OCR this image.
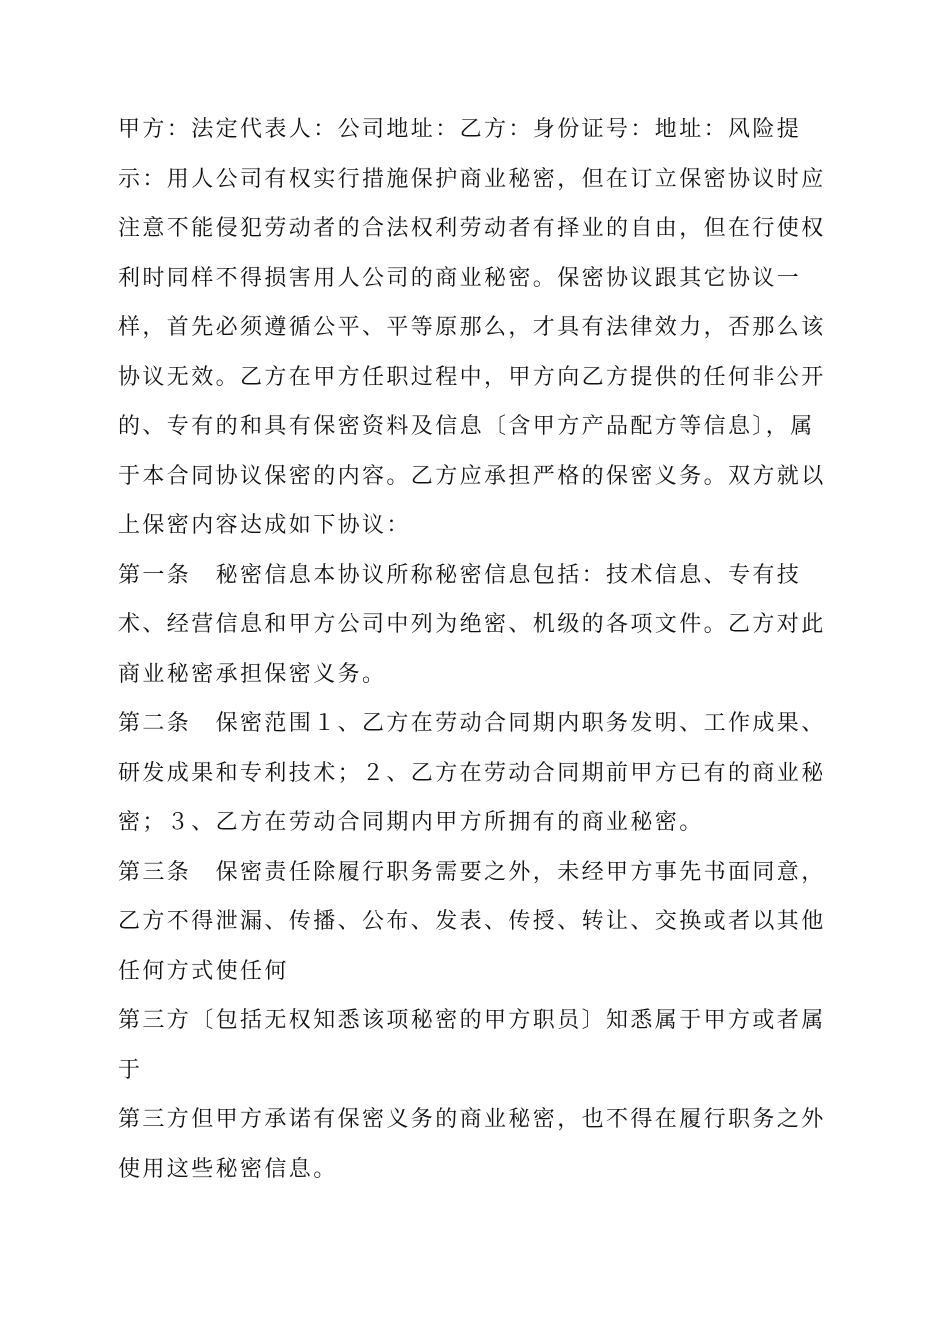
甲方：法定代表人：公司地址：乙方：身份证号：地址：风险提示：用人公司有权实行措施保护商业秘密，但在订立保密协议时应注意不能侵犯劳动者的合法权利劳动者有择业的自由，但在行使权利时同样不得损害用人公司的商业秘密。保密协议跟其它协议一样，首先必须遵循公平、平等原那么，才具有法律效力，否那么该协议无效。乙方在甲方任职过程中，甲方向乙方提供的任何非公开的、专有的和具有保密资料及信息〔含甲方产品配方等信息〕，属于本合同协议保密的内容。乙方应承担严格的保密义务。双方就以上保密内容达成如下协议：

第一条　秘密信息本协议所称秘密信息包括：技术信息、专有技术、经营信息和甲方公司中列为绝密、机级的各项文件。乙方对此商业秘密承担保密义务。

第二条　保密范围１、乙方在劳动合同期内职务发明、工作成果、研发成果和专利技术；２、乙方在劳动合同期前甲方已有的商业秘密；３、乙方在劳动合同期内甲方所拥有的商业秘密。

第三条　保密责任除履行职务需要之外，未经甲方事先书面同意，乙方不得泄漏、传播、公布、发表、传授、转让、交换或者以其他任何方式使任何

第三方〔包括无权知悉该项秘密的甲方职员〕知悉属于甲方或者属于

第三方但甲方承诺有保密义务的商业秘密，也不得在履行职务之外使用这些秘密信息。
